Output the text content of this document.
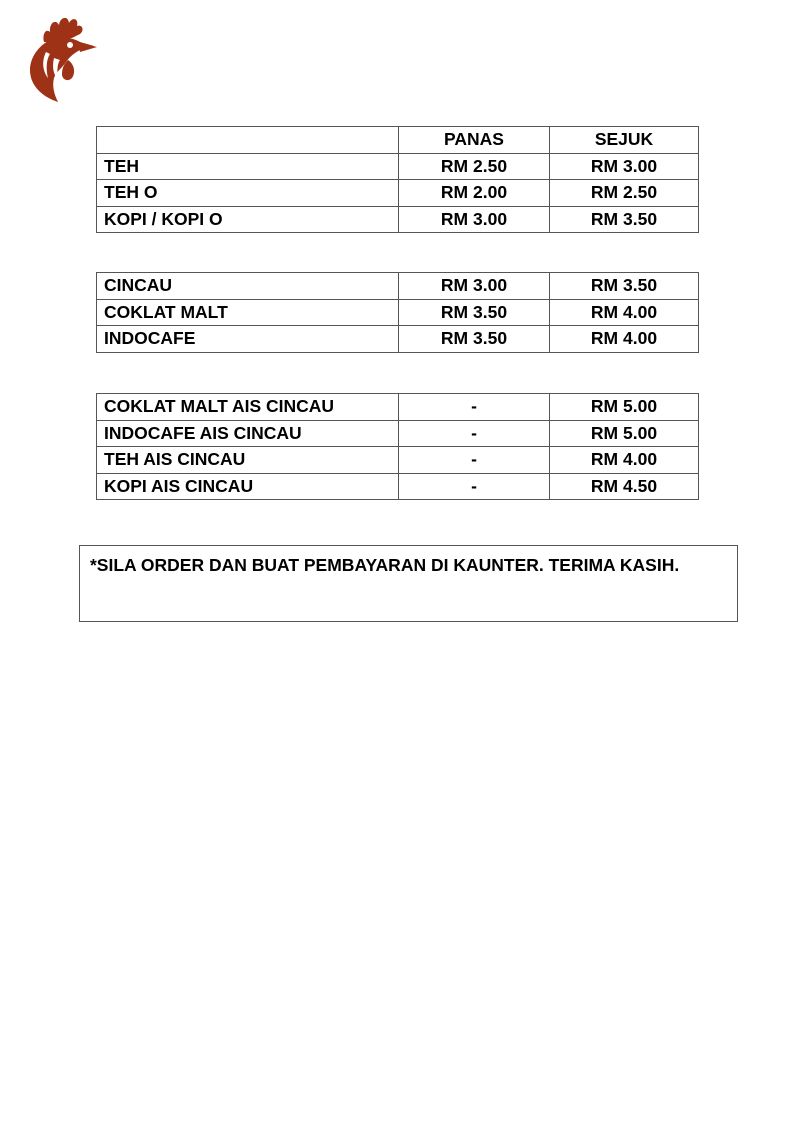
	PANAS	SEJUK
TEH	RM 2.50	RM 3.00
TEH O	RM 2.00	RM 2.50
KOPI / KOPI O	RM 3.00	RM 3.50
CINCAU	RM 3.00	RM 3.50
COKLAT MALT	RM 3.50	RM 4.00
INDOCAFE	RM 3.50	RM 4.00
COKLAT MALT AIS CINCAU	-	RM 5.00
INDOCAFE AIS CINCAU	-	RM 5.00
TEH AIS CINCAU	-	RM 4.00
KOPI AIS CINCAU	-	RM 4.50
*SILA ORDER DAN BUAT PEMBAYARAN DI KAUNTER. TERIMA KASIH.
